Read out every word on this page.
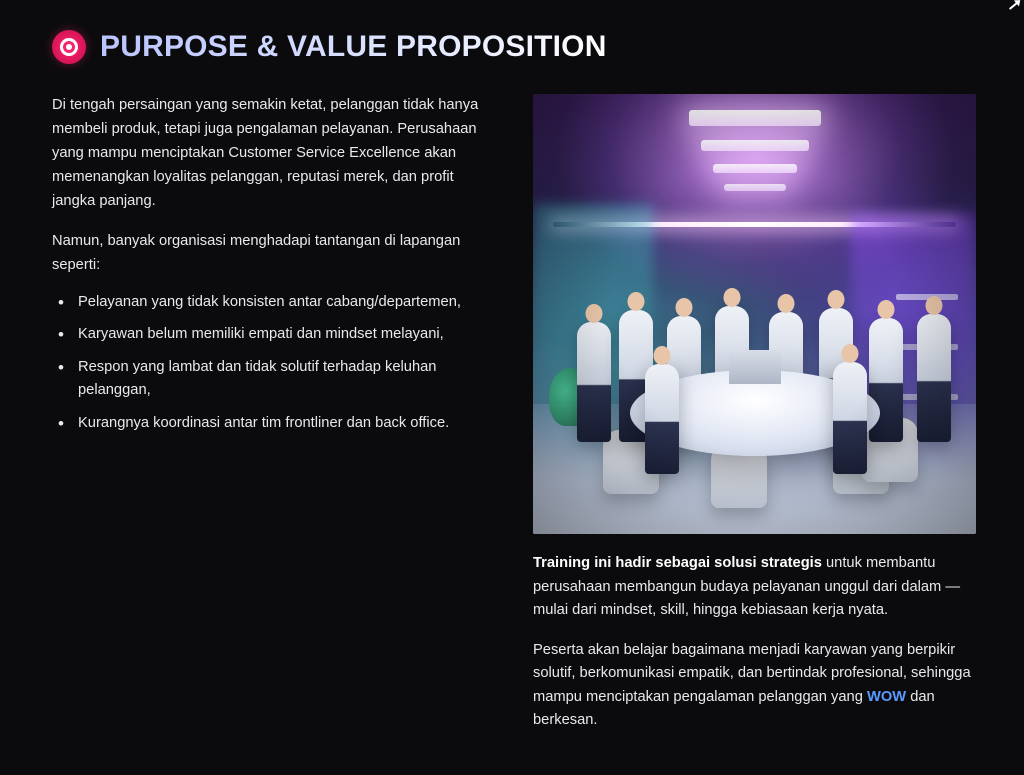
PURPOSE & VALUE PROPOSITION

Di tengah persaingan yang semakin ketat, pelanggan tidak hanya membeli produk, tetapi juga pengalaman pelayanan. Perusahaan yang mampu menciptakan Customer Service Excellence akan memenangkan loyalitas pelanggan, reputasi merek, dan profit jangka panjang.

Namun, banyak organisasi menghadapi tantangan di lapangan seperti:

• Pelayanan yang tidak konsisten antar cabang/departemen,
• Karyawan belum memiliki empati dan mindset melayani,
• Respon yang lambat dan tidak solutif terhadap keluhan pelanggan,
• Kurangnya koordinasi antar tim frontliner dan back office.

Training ini hadir sebagai solusi strategis untuk membantu perusahaan membangun budaya pelayanan unggul dari dalam — mulai dari mindset, skill, hingga kebiasaan kerja nyata.

Peserta akan belajar bagaimana menjadi karyawan yang berpikir solutif, berkomunikasi empatik, dan bertindak profesional, sehingga mampu menciptakan pengalaman pelanggan yang WOW dan berkesan.
